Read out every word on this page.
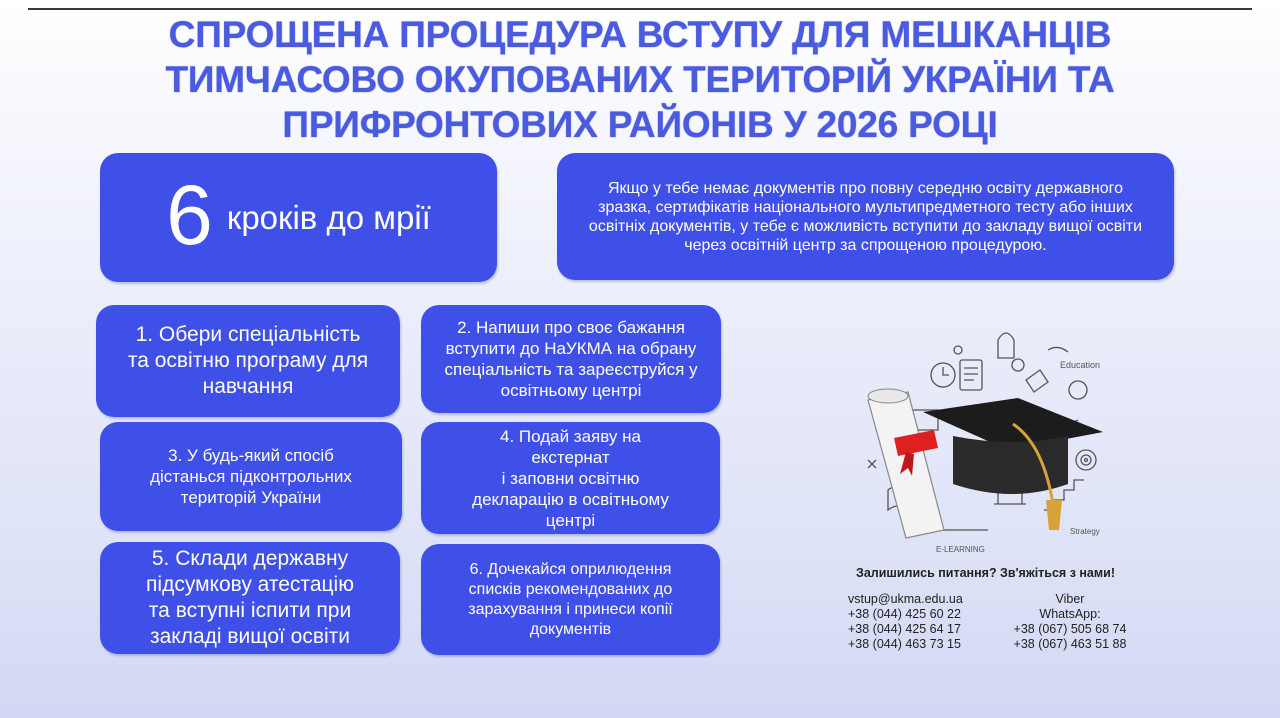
СПРОЩЕНА ПРОЦЕДУРА ВСТУПУ ДЛЯ МЕШКАНЦІВ ТИМЧАСОВО ОКУПОВАНИХ ТЕРИТОРІЙ УКРАЇНИ ТА ПРИФРОНТОВИХ РАЙОНІВ У 2026 РОЦІ
6 кроків до мрії
Якщо у тебе немає документів про повну середню освіту державного зразка, сертифікатів національного мультипредметного тесту або інших освітніх документів, у тебе є можливість вступити до закладу вищої освіти через освітній центр за спрощеною процедурою.
1. Обери спеціальність
та освітню програму для
навчання
2. Напиши про своє бажання
вступити до НаУКМА на обрану
спеціальність та зареєструйся у
освітньому центрі
3. У будь-який спосіб
дістанься підконтрольних
територій України
4. Подай заяву на
екстернат
і заповни освітню
декларацію в освітньому
центрі
5. Склади державну
підсумкову атестацію
та вступні іспити при
закладі вищої освіти
6. Дочекайся оприлюдення
списків рекомендованих до
зарахування і принеси копії
документів
Education
E-LEARNING
Strategy
Залишились питання? Зв'яжіться з нами!
vstup@ukma.edu.ua
+38 (044) 425 60 22
+38 (044) 425 64 17
+38 (044) 463 73 15
Viber
WhatsApp:
+38 (067) 505 68 74
+38 (067) 463 51 88
